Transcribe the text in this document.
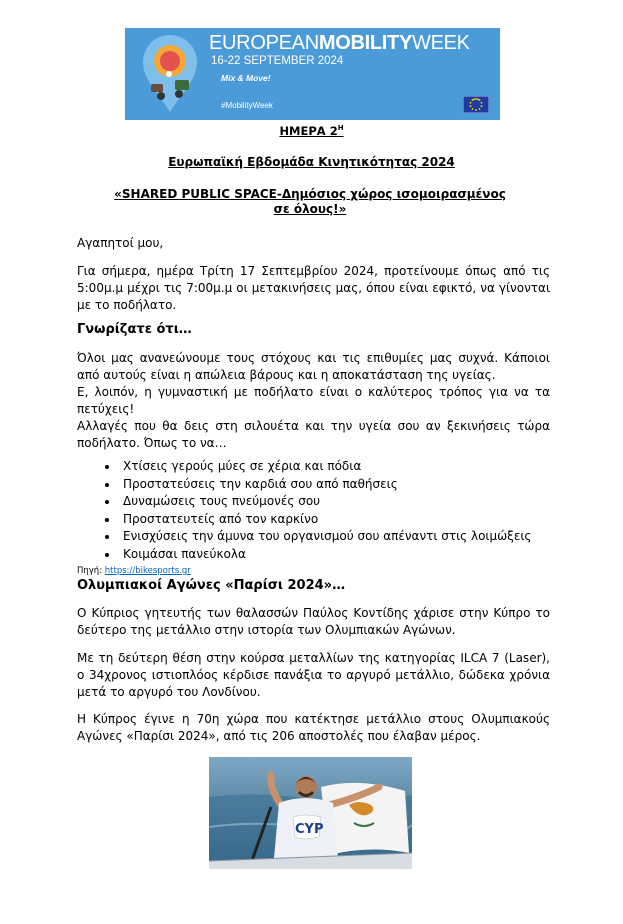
EUROPEANMOBILITYWEEK
16-22 SEPTEMBER 2024
Mix & Move!
#MobilityWeek
ΗΜΕΡΑ $2^H$
Ευρωπαϊκή Εβδομάδα Κινητικότητας 2024
«SHARED PUBLIC SPACE-Δημόσιος χώρος ισομοιρασμένος σε όλους!»
Αγαπητοί μου,
Για σήμερα, ημέρα Τρίτη 17 Σεπτεμβρίου 2024, προτείνουμε όπως από τις 5:00μ.μ μέχρι τις 7:00μ.μ οι μετακινήσεις μας, όπου είναι εφικτό, να γίνονται με το ποδήλατο.
Γνωρίζατε ότι…
Όλοι μας ανανεώνουμε τους στόχους και τις επιθυμίες μας συχνά. Κάποιοι από αυτούς είναι η απώλεια βάρους και η αποκατάσταση της υγείας.
Ε, λοιπόν, η γυμναστική με ποδήλατο είναι ο καλύτερος τρόπος για να τα πετύχεις!
Αλλαγές που θα δεις στη σιλουέτα και την υγεία σου αν ξεκινήσεις τώρα ποδήλατο. Όπως το να…
• Χτίσεις γερούς μύες σε χέρια και πόδια
• Προστατεύσεις την καρδιά σου από παθήσεις
• Δυναμώσεις τους πνεύμονές σου
• Προστατευτείς από τον καρκίνο
• Ενισχύσεις την άμυνα του οργανισμού σου απέναντι στις λοιμώξεις
• Κοιμάσαι πανεύκολα
Πηγή: https://bikesports.gr
Ολυμπιακοί Αγώνες «Παρίσι 2024»…
Ο Κύπριος γητευτής των θαλασσών Παύλος Κοντίδης χάρισε στην Κύπρο το δεύτερο της μετάλλιο στην ιστορία των Ολυμπιακών Αγώνων.
Με τη δεύτερη θέση στην κούρσα μεταλλίων της κατηγορίας ILCA 7 (Laser), ο 34χρονος ιστιοπλόος κέρδισε πανάξια το αργυρό μετάλλιο, δώδεκα χρόνια μετά το αργυρό του Λονδίνου.
Η Κύπρος έγινε η 70η χώρα που κατέκτησε μετάλλιο στους Ολυμπιακούς Αγώνες «Παρίσι 2024», από τις 206 αποστολές που έλαβαν μέρος.
CYP
